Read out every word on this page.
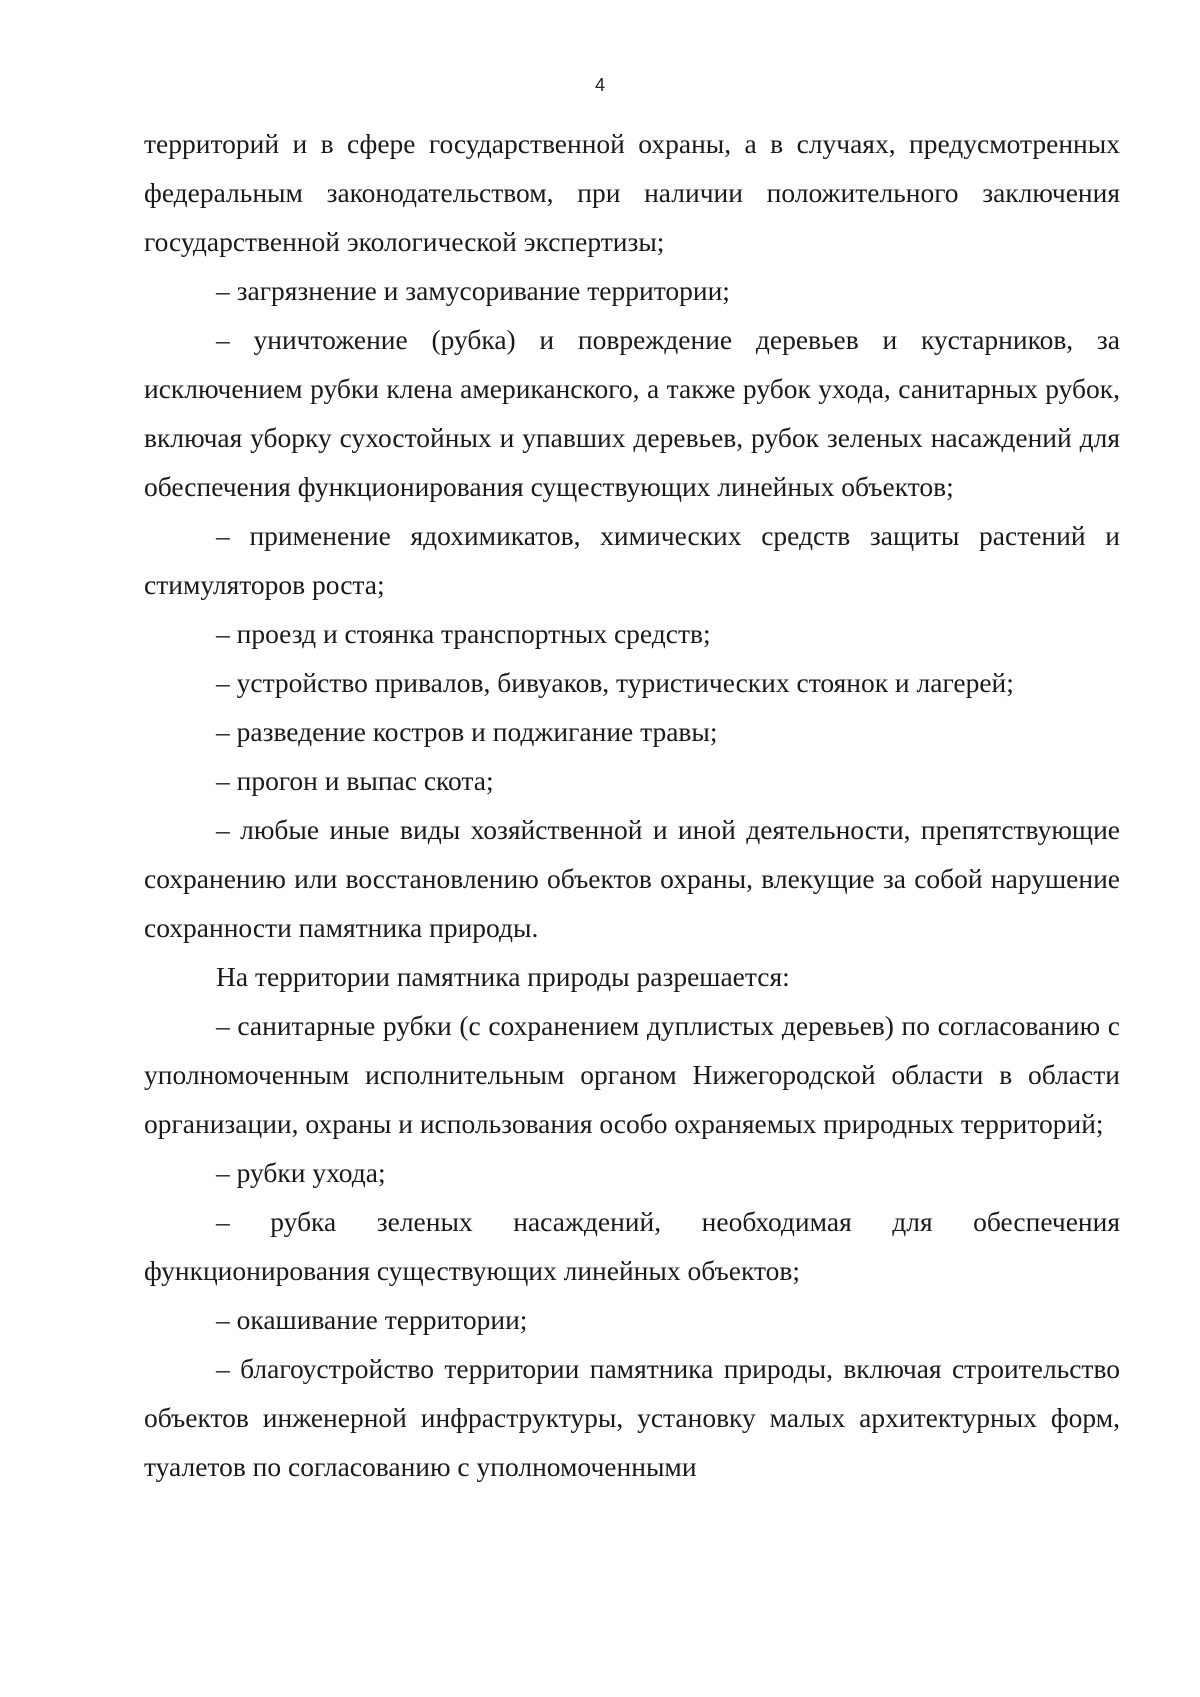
4

территорий и в сфере государственной охраны, а в случаях, предусмотренных федеральным законодательством, при наличии положительного заключения государственной экологической экспертизы;

– загрязнение и замусоривание территории;

– уничтожение (рубка) и повреждение деревьев и кустарников, за исключением рубки клена американского, а также рубок ухода, санитарных рубок, включая уборку сухостойных и упавших деревьев, рубок зеленых насаждений для обеспечения функционирования существующих линейных объектов;

– применение ядохимикатов, химических средств защиты растений и стимуляторов роста;

– проезд и стоянка транспортных средств;

– устройство привалов, бивуаков, туристических стоянок и лагерей;

– разведение костров и поджигание травы;

– прогон и выпас скота;

– любые иные виды хозяйственной и иной деятельности, препятствующие сохранению или восстановлению объектов охраны, влекущие за собой нарушение сохранности памятника природы.

На территории памятника природы разрешается:

– санитарные рубки (с сохранением дуплистых деревьев) по согласованию с уполномоченным исполнительным органом Нижегородской области в области организации, охраны и использования особо охраняемых природных территорий;

– рубки ухода;

– рубка зеленых насаждений, необходимая для обеспечения функционирования существующих линейных объектов;

– окашивание территории;

– благоустройство территории памятника природы, включая строительство объектов инженерной инфраструктуры, установку малых архитектурных форм, туалетов по согласованию с уполномоченными
